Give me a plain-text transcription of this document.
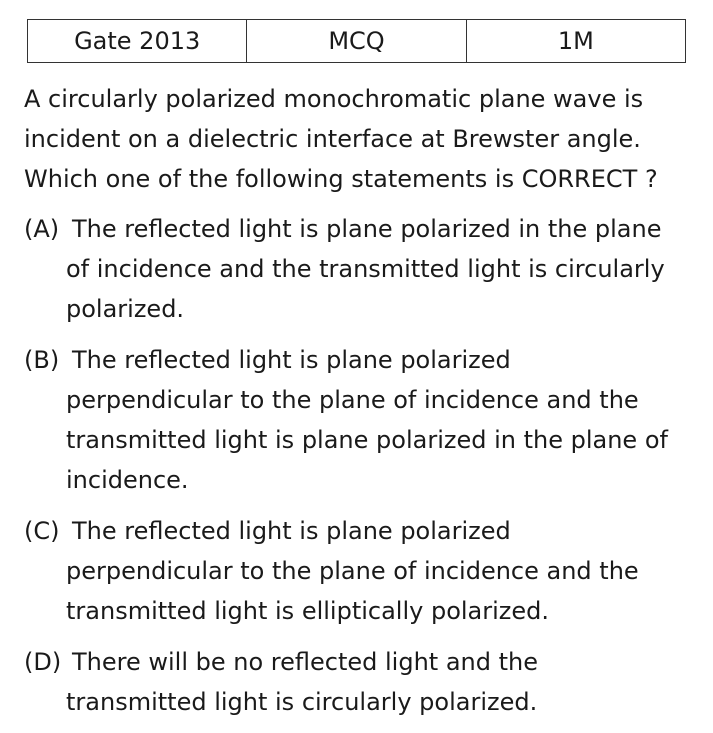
Gate 2013	MCQ	1M
A circularly polarized monochromatic plane wave is
incident on a dielectric interface at Brewster angle.
Which one of the following statements is CORRECT ?
(A) The reflected light is plane polarized in the plane
of incidence and the transmitted light is circularly
polarized.
(B) The reflected light is plane polarized
perpendicular to the plane of incidence and the
transmitted light is plane polarized in the plane of
incidence.
(C) The reflected light is plane polarized
perpendicular to the plane of incidence and the
transmitted light is elliptically polarized.
(D) There will be no reflected light and the
transmitted light is circularly polarized.
